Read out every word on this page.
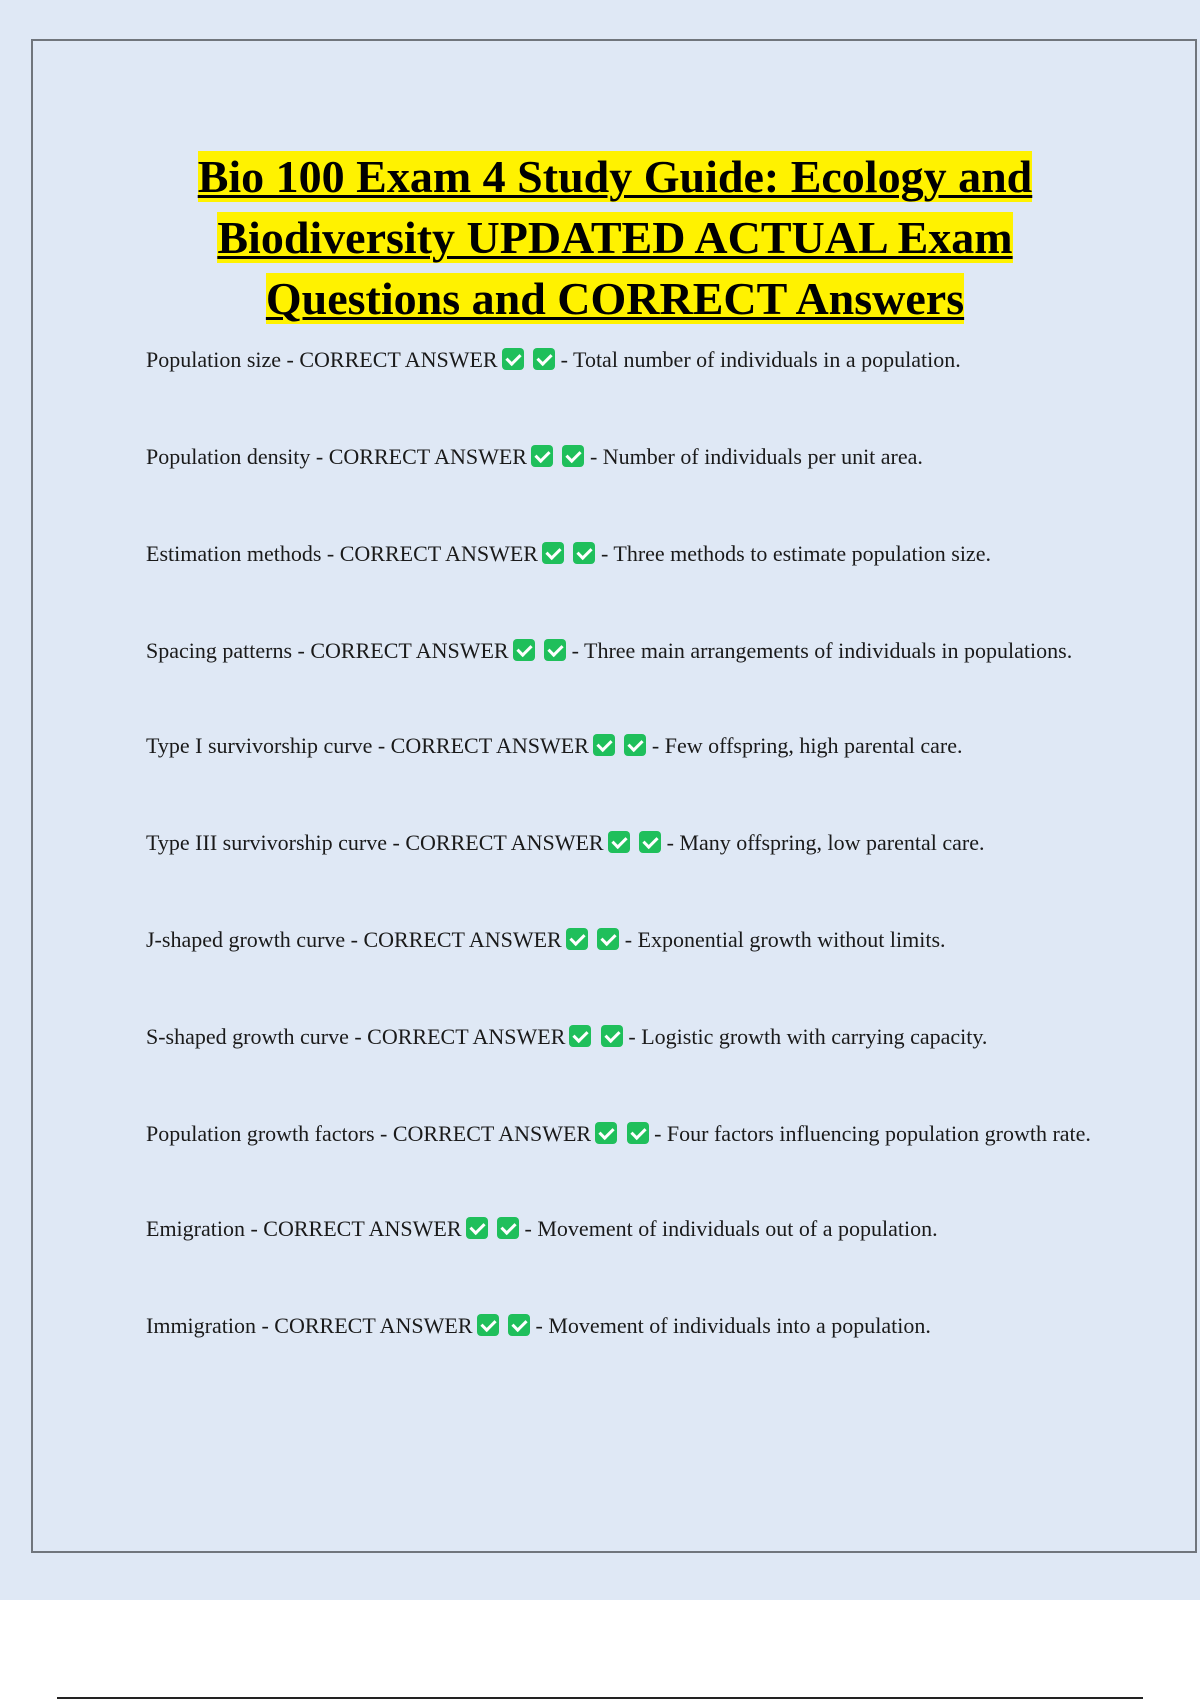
Bio 100 Exam 4 Study Guide: Ecology and Biodiversity UPDATED ACTUAL Exam Questions and CORRECT Answers
Population size - CORRECT ANSWER	- Total number of individuals in a population.
Population density - CORRECT ANSWER	- Number of individuals per unit area.
Estimation methods - CORRECT ANSWER	- Three methods to estimate population size.
Spacing patterns - CORRECT ANSWER	- Three main arrangements of individuals in populations.
Type I survivorship curve - CORRECT ANSWER	- Few offspring, high parental care.
Type III survivorship curve - CORRECT ANSWER	- Many offspring, low parental care.
J-shaped growth curve - CORRECT ANSWER	- Exponential growth without limits.
S-shaped growth curve - CORRECT ANSWER	- Logistic growth with carrying capacity.
Population growth factors - CORRECT ANSWER	- Four factors influencing population growth rate.
Emigration - CORRECT ANSWER	- Movement of individuals out of a population.
Immigration - CORRECT ANSWER	- Movement of individuals into a population.
